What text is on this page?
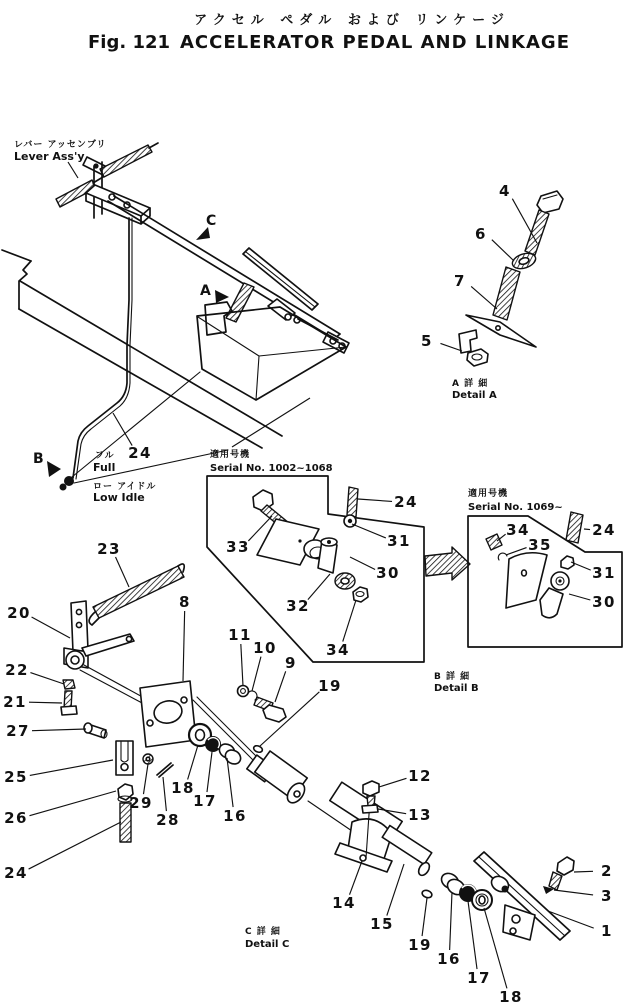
アクセル ペダル および リンケージ
Fig. 121 ACCELERATOR PEDAL AND LINKAGE
レバー アッセンブリ
Lever Ass'y
C
A
B	フル
Full
ロー アイドル
Low Idle
適用号機
Serial No. 1002~1068
適用号機
Serial No. 1069~
A 詳 細
Detail A
B 詳 細
Detail B
C 詳 細
Detail C
4
6
7
5
24
33
32
34
24
31
30
34
35
24
31
30
23
20
8
22
21
27
25
26
29
28
24
18
17
16
11
10
9
19
12
13
14
15
19
16
17
18
2
3
1
